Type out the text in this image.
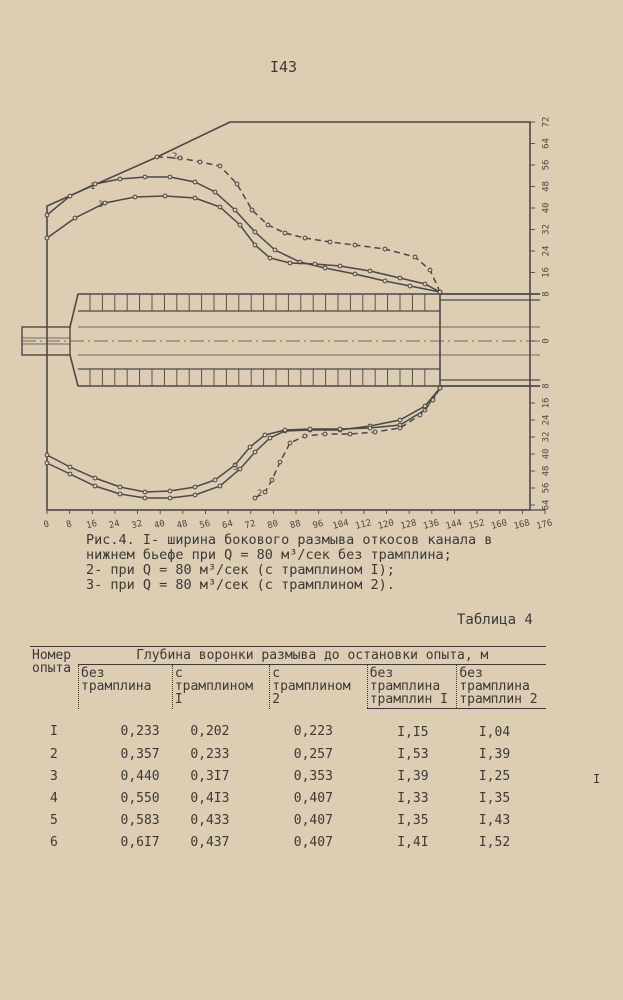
I43
0 8 16 24 32 40 48 56 64 72 80 88 96 104 112 120 128 136 144 152 160 168 176
72
64
56
48
40
32
24
16
8
0
8
16
24
32
40
48
56
64
1
2
3
3
2
Рис.4. I- ширина бокового размыва откосов канала в
нижнем бьефе при Q = 80 м³/сек без трамплина;
2- при Q = 80 м³/сек (с трамплином I);
3- при Q = 80 м³/сек (с трамплином 2).
Таблица 4
Номер опыта	Глубина воронки размыва до остановки опыта, м				
	без трамплина	с трамплином I	с трамплином 2	без трамплина
трамплин I	без трамплина
трамплин 2
I	0,233	0,202	0,223	I,I5	I,04
2	0,357	0,233	0,257	I,53	I,39
3	0,440	0,3I7	0,353	I,39	I,25
4	0,550	0,4I3	0,407	I,33	I,35
5	0,583	0,433	0,407	I,35	I,43
6	0,6I7	0,437	0,407	I,4I	I,52
I
